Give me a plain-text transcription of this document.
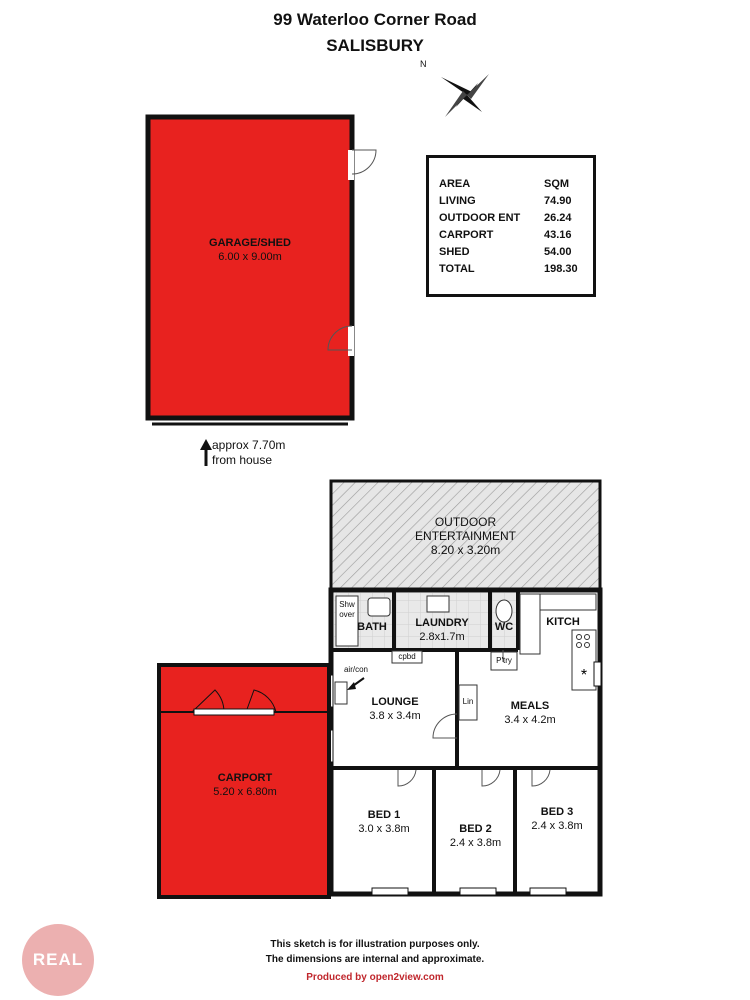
99 Waterloo Corner Road
SALISBURY
*
N
AREA	SQM
LIVING	74.90
OUTDOOR ENT 26.24
CARPORT	43.16
SHED	54.00
TOTAL	198.30
GARAGE/SHED
6.00 x 9.00m
approx 7.70m
from house
OUTDOOR
ENTERTAINMENT
8.20 x 3.20m
Shw
over
BATH	LAUNDRY
2.8x1.7m
WC	KITCH
cpbd
air/con
LOUNGE
3.8 x 3.4m
P'try
Lin	MEALS
3.4 x 4.2m
CARPORT
5.20 x 6.80m
BED 1
3.0 x 3.8m	BED 2
2.4 x 3.8m
BED 3
2.4 x 3.8m
This sketch is for illustration purposes only.
The dimensions are internal and approximate.
Produced by open2view.com
REAL
